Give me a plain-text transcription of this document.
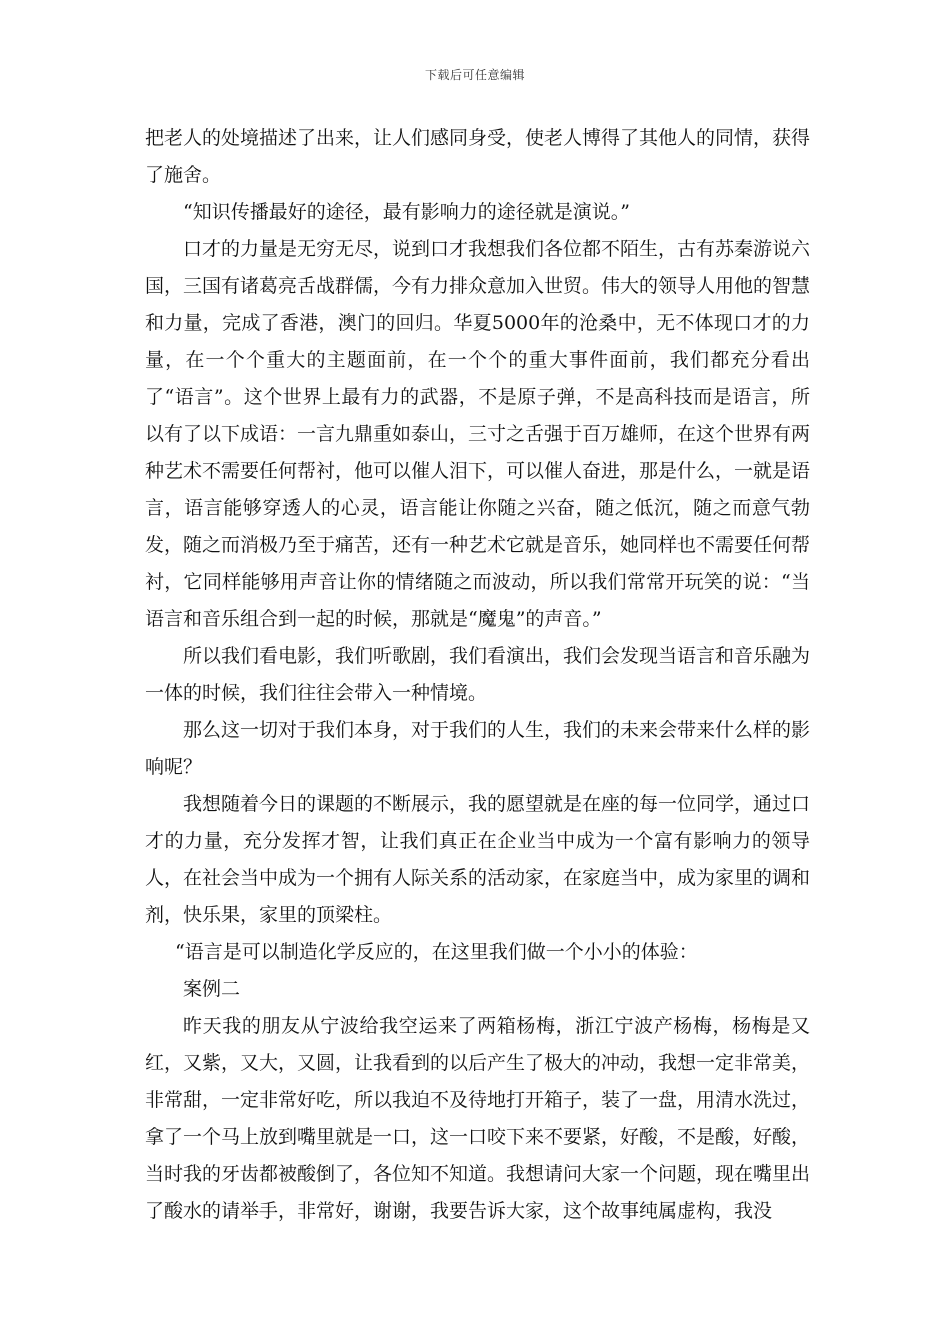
下载后可任意编辑

把老人的处境描述了出来，让人们感同身受，使老人博得了其他人的同情，获得了施舍。

“知识传播最好的途径，最有影响力的途径就是演说。”

口才的力量是无穷无尽，说到口才我想我们各位都不陌生，古有苏秦游说六国，三国有诸葛亮舌战群儒，今有力排众意加入世贸。伟大的领导人用他的智慧和力量，完成了香港，澳门的回归。华夏5000年的沧桑中，无不体现口才的力量，在一个个重大的主题面前，在一个个的重大事件面前，我们都充分看出了“语言”。这个世界上最有力的武器，不是原子弹，不是高科技而是语言，所以有了以下成语：一言九鼎重如泰山，三寸之舌强于百万雄师，在这个世界有两种艺术不需要任何帮衬，他可以催人泪下，可以催人奋进，那是什么，一就是语言，语言能够穿透人的心灵，语言能让你随之兴奋，随之低沉，随之而意气勃发，随之而消极乃至于痛苦，还有一种艺术它就是音乐，她同样也不需要任何帮衬，它同样能够用声音让你的情绪随之而波动，所以我们常常开玩笑的说：“当语言和音乐组合到一起的时候，那就是“魔鬼”的声音。”

所以我们看电影，我们听歌剧，我们看演出，我们会发现当语言和音乐融为一体的时候，我们往往会带入一种情境。

那么这一切对于我们本身，对于我们的人生，我们的未来会带来什么样的影响呢？

我想随着今日的课题的不断展示，我的愿望就是在座的每一位同学，通过口才的力量，充分发挥才智，让我们真正在企业当中成为一个富有影响力的领导人，在社会当中成为一个拥有人际关系的活动家，在家庭当中，成为家里的调和剂，快乐果，家里的顶梁柱。

“语言是可以制造化学反应的，在这里我们做一个小小的体验：

案例二

昨天我的朋友从宁波给我空运来了两箱杨梅，浙江宁波产杨梅，杨梅是又红，又紫，又大，又圆，让我看到的以后产生了极大的冲动，我想一定非常美，非常甜，一定非常好吃，所以我迫不及待地打开箱子，装了一盘，用清水洗过，拿了一个马上放到嘴里就是一口，这一口咬下来不要紧，好酸，不是酸，好酸，当时我的牙齿都被酸倒了，各位知不知道。我想请问大家一个问题，现在嘴里出了酸水的请举手，非常好，谢谢，我要告诉大家，这个故事纯属虚构，我没
